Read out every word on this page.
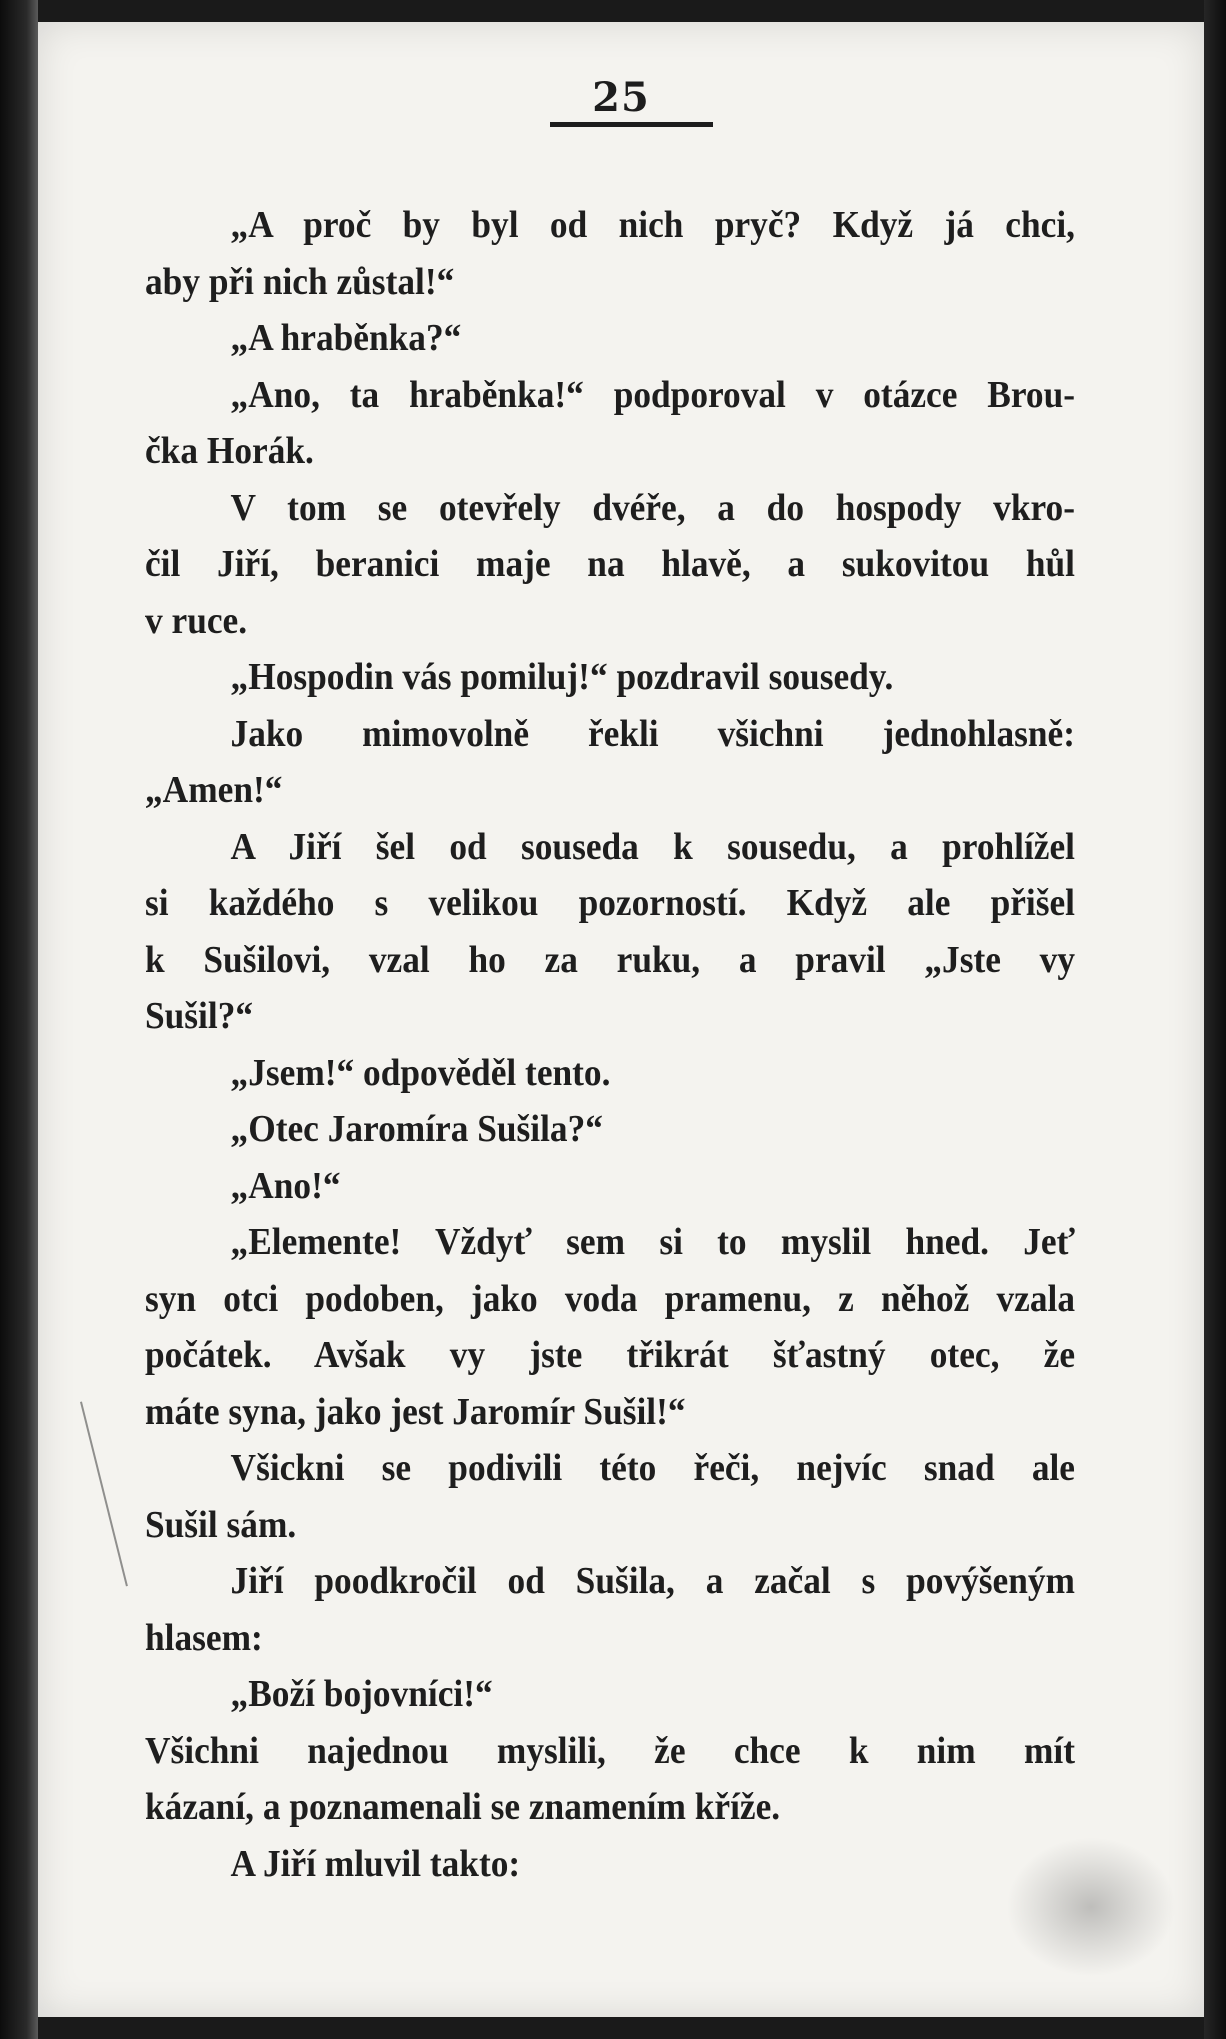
25
„A proč by byl od nich pryč? Když já chci,
aby při nich zůstal!“
„A hraběnka?“
„Ano, ta hraběnka!“ podporoval v otázce Brou-
čka Horák.
V tom se otevřely dvéře, a do hospody vkro-
čil Jiří, beranici maje na hlavě, a sukovitou hůl
v ruce.
„Hospodin vás pomiluj!“ pozdravil sousedy.
Jako mimovolně řekli všichni jednohlasně:
„Amen!“
A Jiří šel od souseda k sousedu, a prohlížel
si každého s velikou pozorností. Když ale přišel
k Sušilovi, vzal ho za ruku, a pravil „Jste vy
Sušil?“
„Jsem!“ odpověděl tento.
„Otec Jaromíra Sušila?“
„Ano!“
„Elemente! Vždyť sem si to myslil hned. Jeť
syn otci podoben, jako voda pramenu, z něhož vzala
počátek. Avšak vy jste třikrát šťastný otec, že
máte syna, jako jest Jaromír Sušil!“
Všickni se podivili této řeči, nejvíc snad ale
Sušil sám.
Jiří poodkročil od Sušila, a začal s povýšeným
hlasem:
„Boží bojovníci!“
Všichni najednou myslili, že chce k nim mít
kázaní, a poznamenali se znamením kříže.
A Jiří mluvil takto:
